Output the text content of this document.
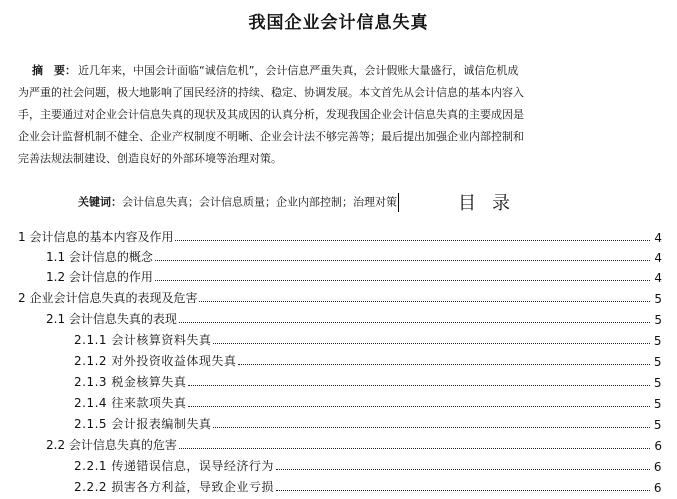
我国企业会计信息失真
摘　要： 近几年来，中国会计面临“诚信危机”，会计信息严重失真，会计假账大量盛行，诚信危机成
为严重的社会问题，极大地影响了国民经济的持续、稳定、协调发展。本文首先从会计信息的基本内容入
手，主要通过对企业会计信息失真的现状及其成因的认真分析，发现我国企业会计信息失真的主要成因是
企业会计监督机制不健全、企业产权制度不明晰、企业会计法不够完善等；最后提出加强企业内部控制和
完善法规法制建设、创造良好的外部环境等治理对策。
关键词：会计信息失真；会计信息质量；企业内部控制；治理对策	目录
1 会计信息的基本内容及作用	4
1.1 会计信息的概念	4
1.2 会计信息的作用	4
2 企业会计信息失真的表现及危害	5
2.1 会计信息失真的表现	5
2.1.1 会计核算资料失真	5
2.1.2 对外投资收益体现失真	5
2.1.3 税金核算失真	5
2.1.4 往来款项失真	5
2.1.5 会计报表编制失真	5
2.2 会计信息失真的危害	6
2.2.1 传递错误信息，误导经济行为	6
2.2.2 损害各方利益，导致企业亏损	6
